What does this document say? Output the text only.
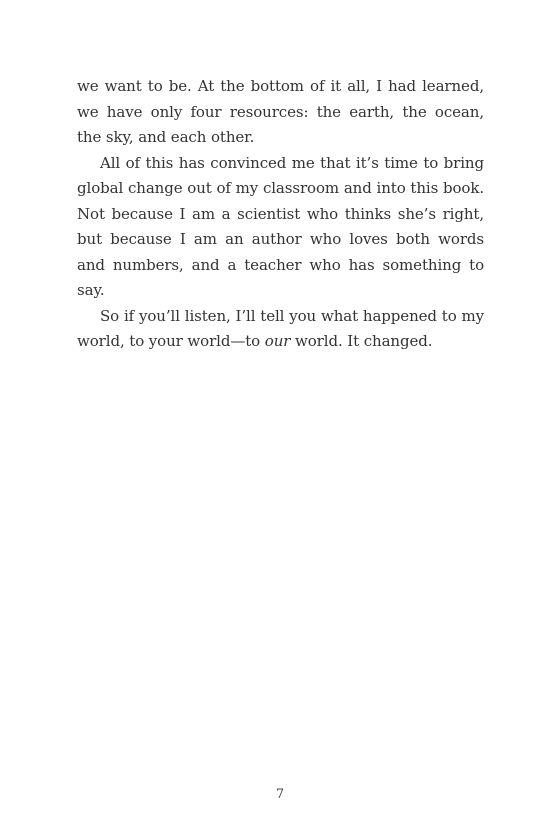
we want to be. At the bottom of it all, I had learned, we have only four resources: the earth, the ocean, the sky, and each other.

All of this has convinced me that it’s time to bring global change out of my classroom and into this book. Not because I am a scientist who thinks she’s right, but because I am an author who loves both words and numbers, and a teacher who has something to say.

So if you’ll listen, I’ll tell you what happened to my world, to your world—to our world. It changed.

7
